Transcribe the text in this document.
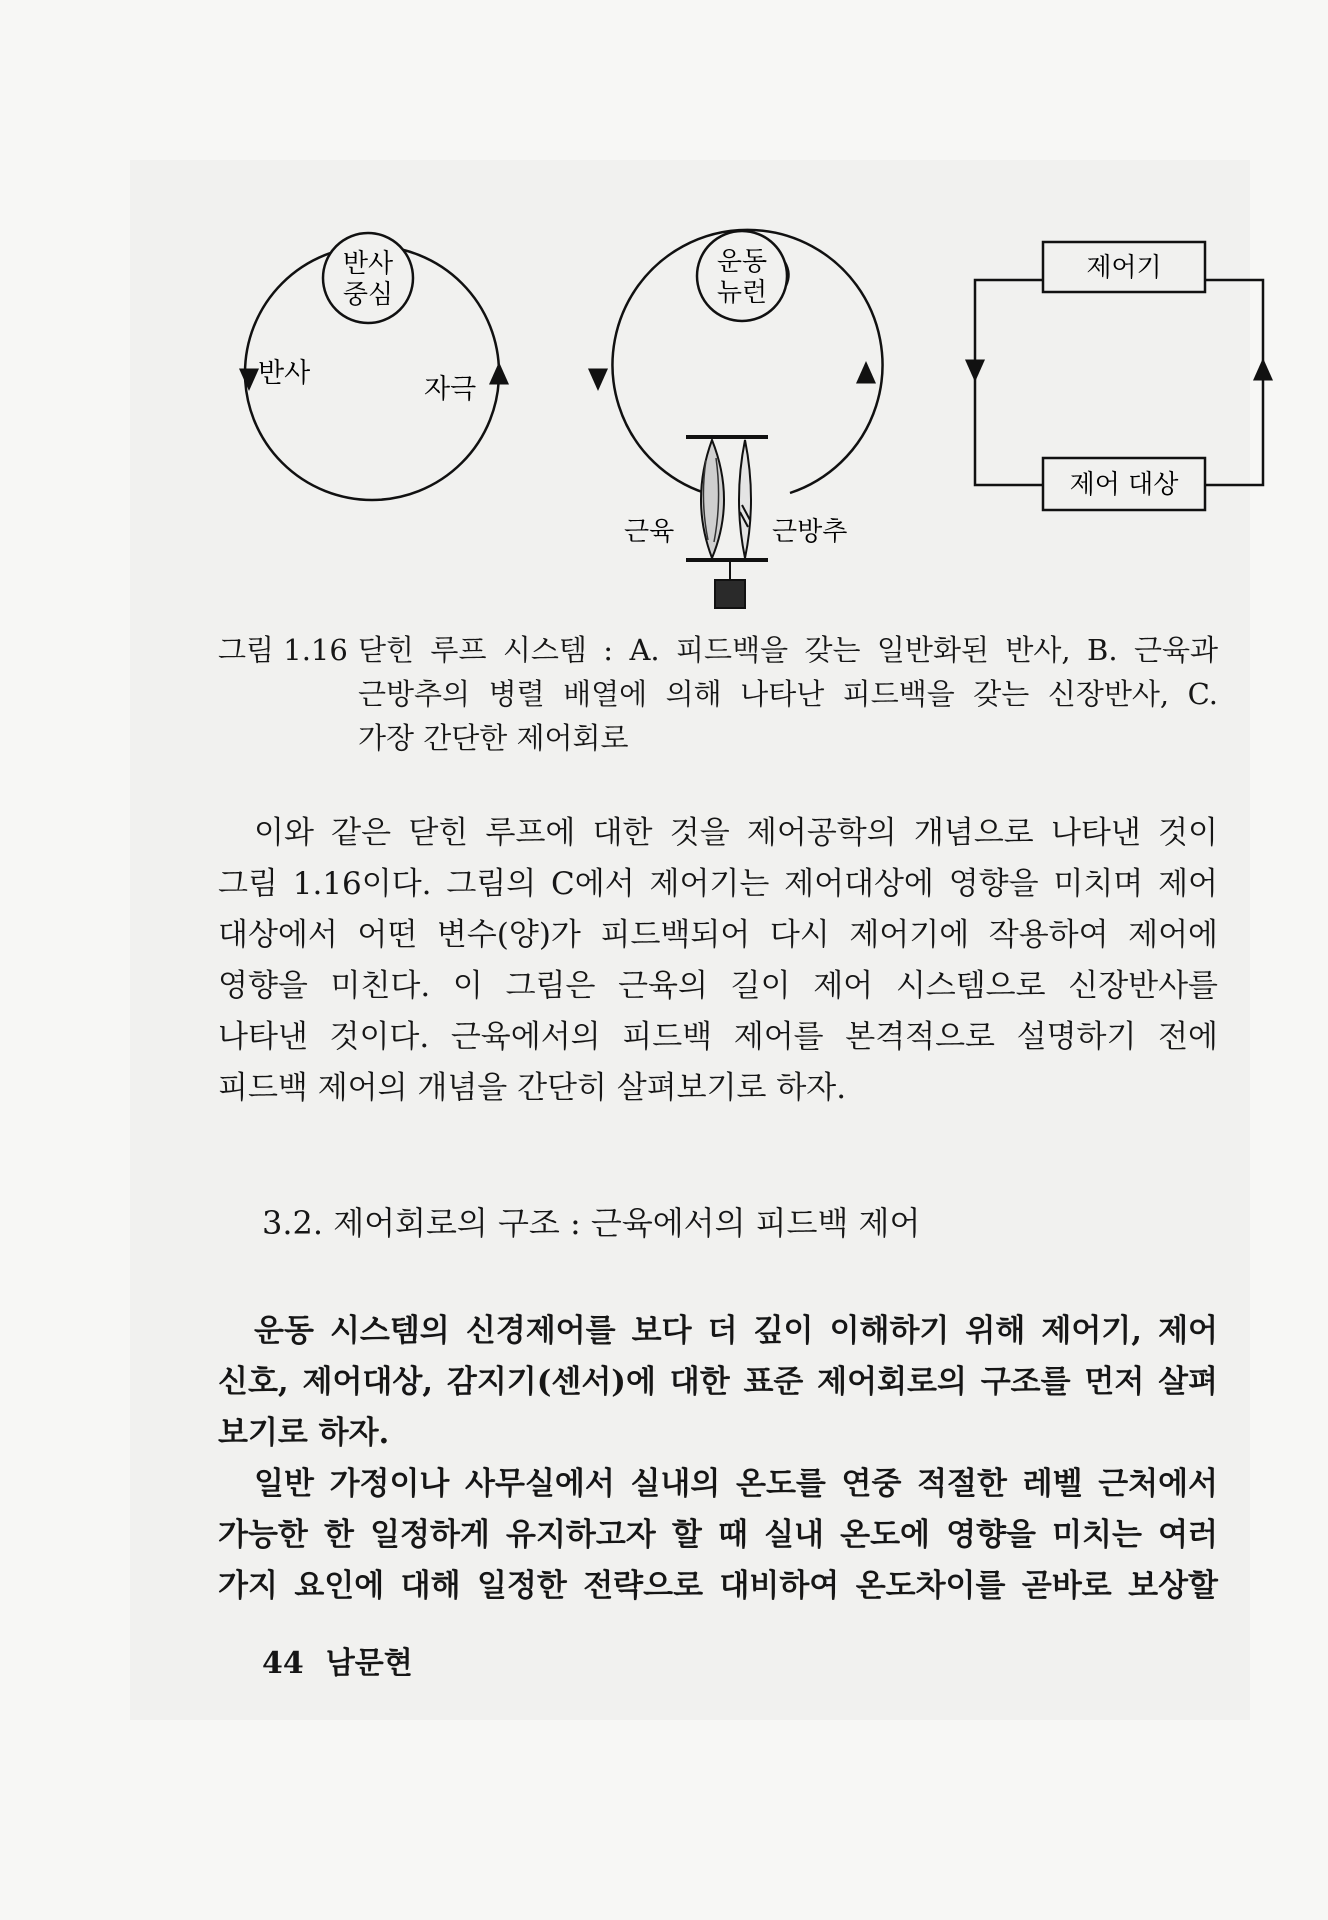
반사
중심
반사
자극
운동
뉴런
근육	근방추
제어기
제어 대상
그림 1.16 닫힌 루프 시스템 : A. 피드백을 갖는 일반화된 반사, B. 근육과
근방추의 병렬 배열에 의해 나타난 피드백을 갖는 신장반사, C.
가장 간단한 제어회로
이와 같은 닫힌 루프에 대한 것을 제어공학의 개념으로 나타낸 것이
그림 1.16이다. 그림의 C에서 제어기는 제어대상에 영향을 미치며 제어
대상에서 어떤 변수(양)가 피드백되어 다시 제어기에 작용하여 제어에
영향을 미친다. 이 그림은 근육의 길이 제어 시스템으로 신장반사를
나타낸 것이다. 근육에서의 피드백 제어를 본격적으로 설명하기 전에
피드백 제어의 개념을 간단히 살펴보기로 하자.
3.2. 제어회로의 구조 : 근육에서의 피드백 제어
운동 시스템의 신경제어를 보다 더 깊이 이해하기 위해 제어기, 제어
신호, 제어대상, 감지기(센서)에 대한 표준 제어회로의 구조를 먼저 살펴
보기로 하자.
일반 가정이나 사무실에서 실내의 온도를 연중 적절한 레벨 근처에서
가능한 한 일정하게 유지하고자 할 때 실내 온도에 영향을 미치는 여러
가지 요인에 대해 일정한 전략으로 대비하여 온도차이를 곧바로 보상할
44 남문현
